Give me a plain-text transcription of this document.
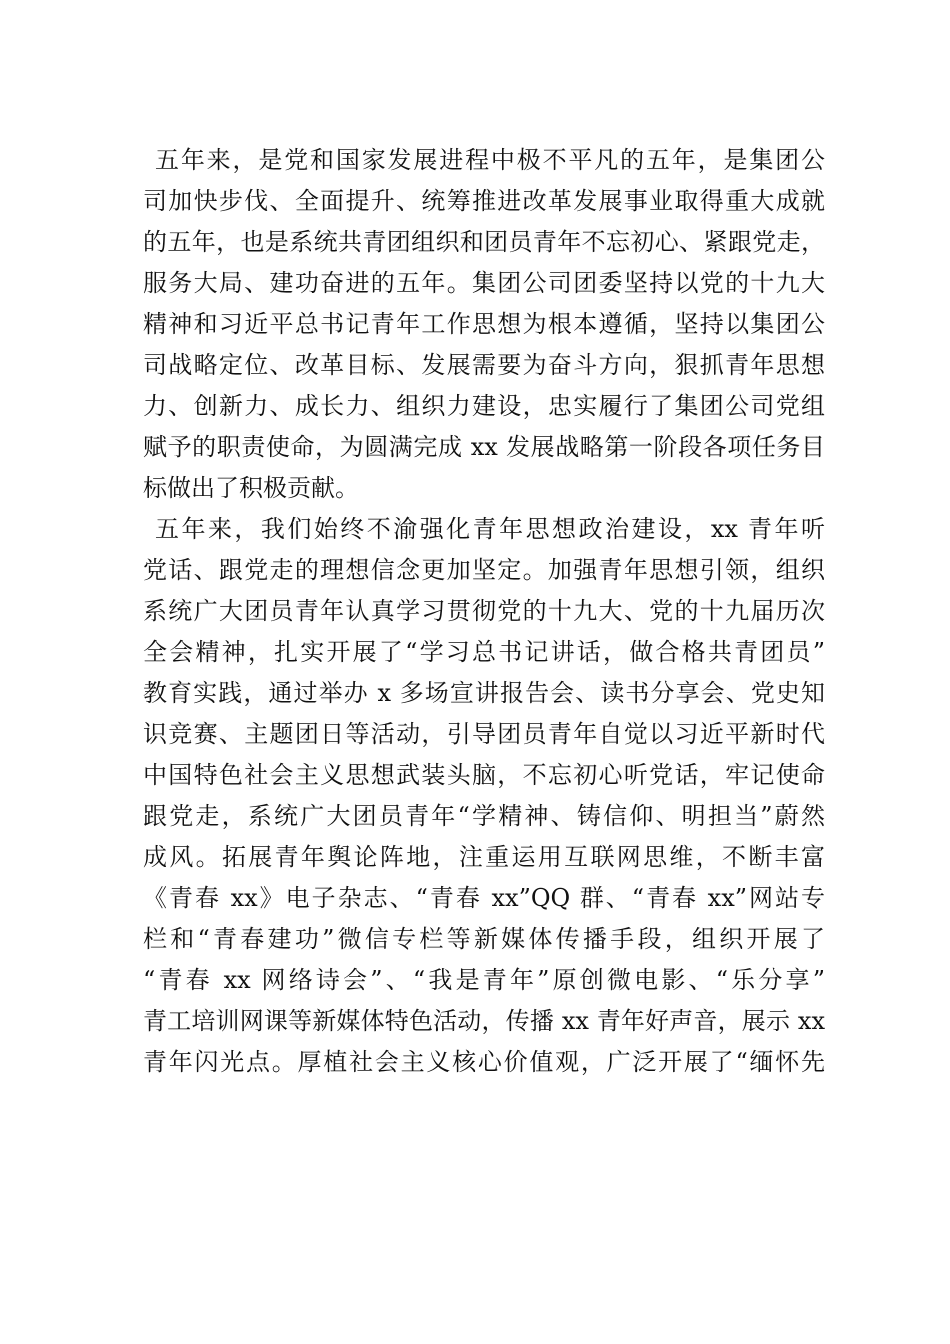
五年来，是党和国家发展进程中极不平凡的五年，是集团公
司加快步伐、全面提升、统筹推进改革发展事业取得重大成就
的五年，也是系统共青团组织和团员青年不忘初心、紧跟党走，
服务大局、建功奋进的五年。集团公司团委坚持以党的十九大
精神和习近平总书记青年工作思想为根本遵循，坚持以集团公
司战略定位、改革目标、发展需要为奋斗方向，狠抓青年思想
力、创新力、成长力、组织力建设，忠实履行了集团公司党组
赋予的职责使命，为圆满完成 xx 发展战略第一阶段各项任务目
标做出了积极贡献。
五年来，我们始终不渝强化青年思想政治建设，xx 青年听
党话、跟党走的理想信念更加坚定。加强青年思想引领，组织
系统广大团员青年认真学习贯彻党的十九大、党的十九届历次
全会精神，扎实开展了“学习总书记讲话，做合格共青团员”
教育实践，通过举办 x 多场宣讲报告会、读书分享会、党史知
识竞赛、主题团日等活动，引导团员青年自觉以习近平新时代
中国特色社会主义思想武装头脑，不忘初心听党话，牢记使命
跟党走，系统广大团员青年“学精神、铸信仰、明担当”蔚然
成风。拓展青年舆论阵地，注重运用互联网思维，不断丰富
《青春 xx》电子杂志、“青春 xx”QQ 群、“青春 xx”网站专
栏和“青春建功”微信专栏等新媒体传播手段，组织开展了
“青春 xx 网络诗会”、“我是青年”原创微电影、“乐分享”
青工培训网课等新媒体特色活动，传播 xx 青年好声音，展示 xx
青年闪光点。厚植社会主义核心价值观，广泛开展了“缅怀先
